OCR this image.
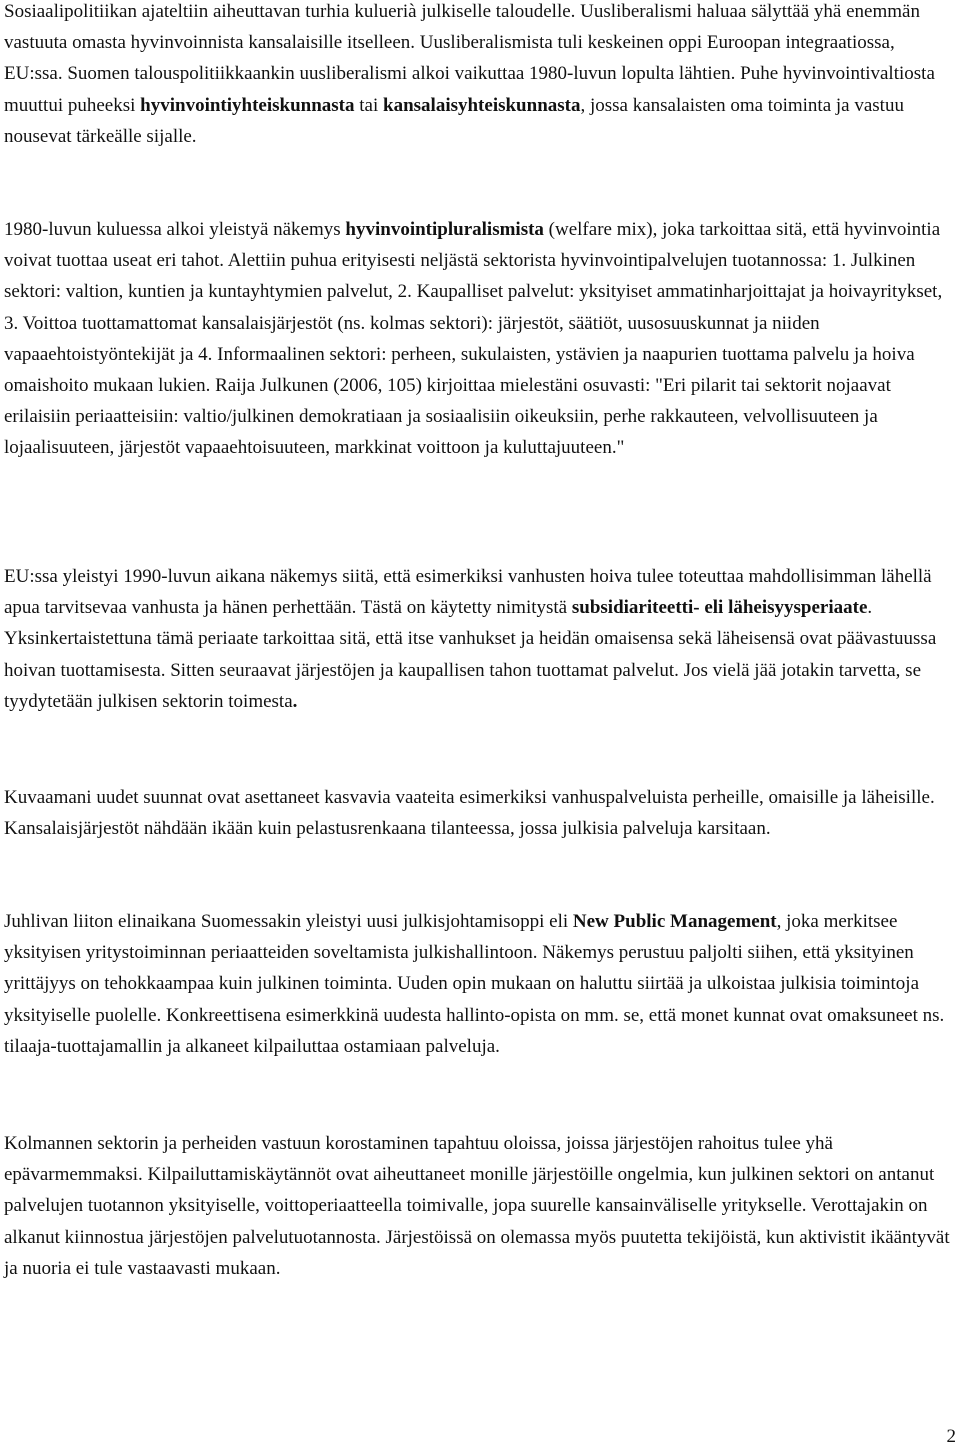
Sosiaalipolitiikan ajateltiin aiheuttavan turhia kuluerià julkiselle taloudelle. Uusliberalismi haluaa sälyttää yhä enemmän vastuuta omasta hyvinvoinnista kansalaisille itselleen. Uusliberalismista tuli keskeinen oppi Euroopan integraatiossa, EU:ssa. Suomen talouspolitiikkaankin uusliberalismi alkoi vaikuttaa 1980-luvun lopulta lähtien. Puhe hyvinvointivaltiosta muuttui puheeksi hyvinvointiyhteiskunnasta tai kansalaisyhteiskunnasta, jossa kansalaisten oma toiminta ja vastuu nousevat tärkeälle sijalle.

1980-luvun kuluessa alkoi yleistyä näkemys hyvinvointipluralismista (welfare mix), joka tarkoittaa sitä, että hyvinvointia voivat tuottaa useat eri tahot. Alettiin puhua erityisesti neljästä sektorista hyvinvointipalvelujen tuotannossa: 1. Julkinen sektori: valtion, kuntien ja kuntayhtymien palvelut, 2. Kaupalliset palvelut: yksityiset ammatinharjoittajat ja hoivayritykset, 3. Voittoa tuottamattomat kansalaisjärjestöt (ns. kolmas sektori): järjestöt, säätiöt, uusosuuskunnat ja niiden vapaaehtoistyöntekijät ja 4. Informaalinen sektori: perheen, sukulaisten, ystävien ja naapurien tuottama palvelu ja hoiva omaishoito mukaan lukien. Raija Julkunen (2006, 105) kirjoittaa mielestäni osuvasti: "Eri pilarit tai sektorit nojaavat erilaisiin periaatteisiin: valtio/julkinen demokratiaan ja sosiaalisiin oikeuksiin, perhe rakkauteen, velvollisuuteen ja lojaalisuuteen, järjestöt vapaaehtoisuuteen, markkinat voittoon ja kuluttajuuteen."

EU:ssa yleistyi 1990-luvun aikana näkemys siitä, että esimerkiksi vanhusten hoiva tulee toteuttaa mahdollisimman lähellä apua tarvitsevaa vanhusta ja hänen perhettään. Tästä on käytetty nimitystä subsidiariteetti- eli läheisyysperiaate. Yksinkertaistettuna tämä periaate tarkoittaa sitä, että itse vanhukset ja heidän omaisensa sekä läheisensä ovat päävastuussa hoivan tuottamisesta. Sitten seuraavat järjestöjen ja kaupallisen tahon tuottamat palvelut. Jos vielä jää jotakin tarvetta, se tyydytetään julkisen sektorin toimesta.

Kuvaamani uudet suunnat ovat asettaneet kasvavia vaateita esimerkiksi vanhuspalveluista perheille, omaisille ja läheisille. Kansalaisjärjestöt nähdään ikään kuin pelastusrenkaana tilanteessa, jossa julkisia palveluja karsitaan.

Juhlivan liiton elinaikana Suomessakin yleistyi uusi julkisjohtamisoppi eli New Public Management, joka merkitsee yksityisen yritystoiminnan periaatteiden soveltamista julkishallintoon. Näkemys perustuu paljolti siihen, että yksityinen yrittäjyys on tehokkaampaa kuin julkinen toiminta. Uuden opin mukaan on haluttu siirtää ja ulkoistaa julkisia toimintoja yksityiselle puolelle. Konkreettisena esimerkkinä uudesta hallinto-opista on mm. se, että monet kunnat ovat omaksuneet ns. tilaaja-tuottajamallin ja alkaneet kilpailuttaa ostamiaan palveluja.

Kolmannen sektorin ja perheiden vastuun korostaminen tapahtuu oloissa, joissa järjestöjen rahoitus tulee yhä epävarmemmaksi. Kilpailuttamiskäytännöt ovat aiheuttaneet monille järjestöille ongelmia, kun julkinen sektori on antanut palvelujen tuotannon yksityiselle, voittoperiaatteella toimivalle, jopa suurelle kansainväliselle yritykselle. Verottajakin on alkanut kiinnostua järjestöjen palvelutuotannosta. Järjestöissä on olemassa myös puutetta tekijöistä, kun aktivistit ikääntyvät ja nuoria ei tule vastaavasti mukaan.

2
